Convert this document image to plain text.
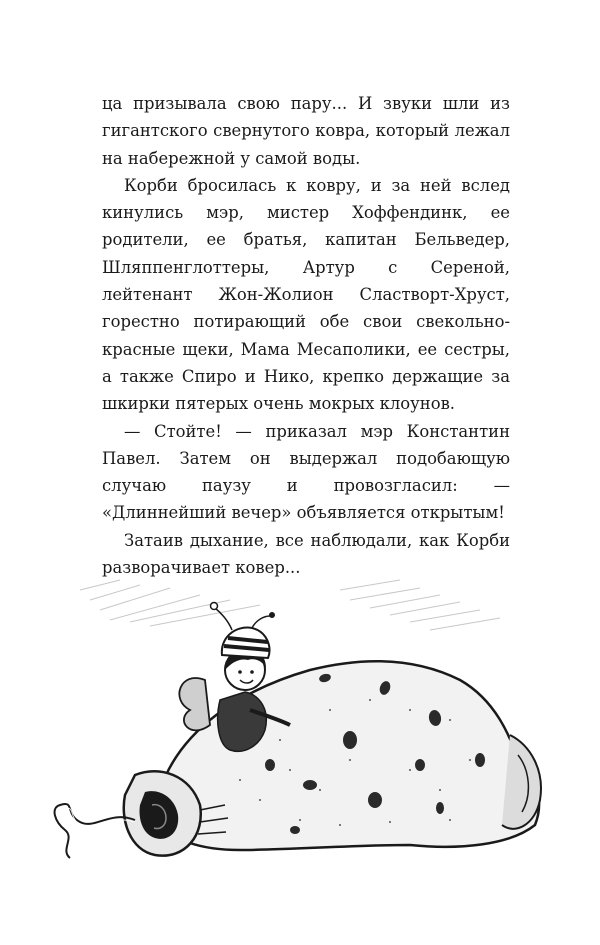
ца призывала свою пару... И звуки шли из гигантского свернутого ковра, который лежал на набережной у самой воды.

Корби бросилась к ковру, и за ней вслед кинулись мэр, мистер Хоффендинк, ее родители, ее братья, капитан Бельведер, Шляппенглоттеры, Артур с Сереной, лейтенант Жон-Жолион Сластворт-Хруст, горестно потирающий обе свои свекольно-красные щеки, Мама Месаполики, ее сестры, а также Спиро и Нико, крепко держащие за шкирки пятерых очень мокрых клоунов.

— Стойте! — приказал мэр Константин Павел. Затем он выдержал подобающую случаю паузу и провозгласил: — «Длиннейший вечер» объявляется открытым!

Затаив дыхание, все наблюдали, как Корби разворачивает ковер...
